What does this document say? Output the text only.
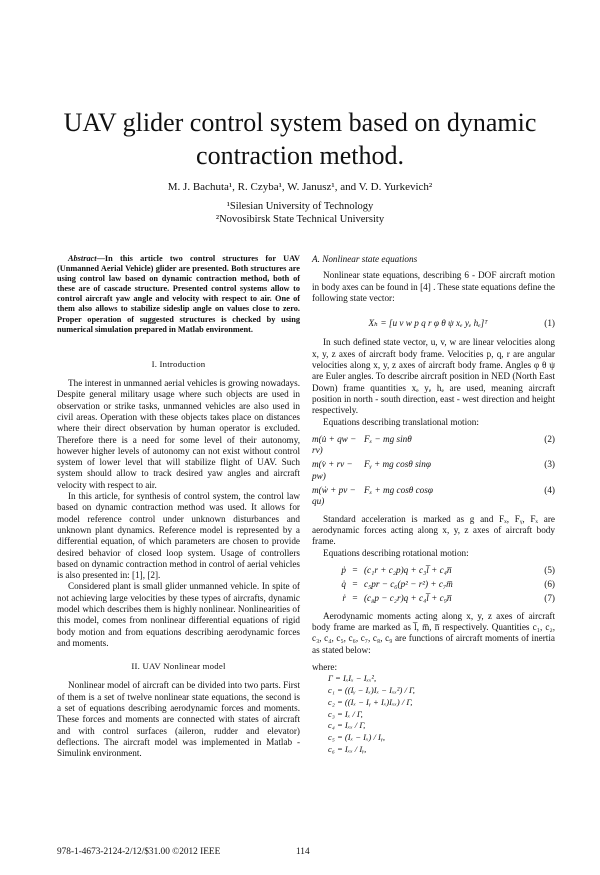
UAV glider control system based on dynamic contraction method.
M. J. Bachuta¹, R. Czyba¹, W. Janusz¹, and V. D. Yurkevich²
¹Silesian University of Technology
²Novosibirsk State Technical University

Abstract—In this article two control structures for UAV (Unmanned Aerial Vehicle) glider are presented. Both structures are using control law based on dynamic contraction method, both of these are of cascade structure. Presented control systems allow to control aircraft yaw angle and velocity with respect to air. One of them also allows to stabilize sideslip angle on values close to zero. Proper operation of suggested structures is checked by using numerical simulation prepared in Matlab environment.

I. Introduction

The interest in unmanned aerial vehicles is growing nowadays. Despite general military usage where such objects are used in observation or strike tasks, unmanned vehicles are also used in civil areas. Operation with these objects takes place on distances where their direct observation by human operator is excluded. Therefore there is a need for some level of their autonomy, however higher levels of autonomy can not exist without control system of lower level that will stabilize flight of UAV. Such system should allow to track desired yaw angles and aircraft velocity with respect to air.

In this article, for synthesis of control system, the control law based on dynamic contraction method was used. It allows for model reference control under unknown disturbances and unknown plant dynamics. Reference model is represented by a differential equation, of which parameters are chosen to provide desired behavior of closed loop system. Usage of controllers based on dynamic contraction method in control of aerial vehicles is also presented in: [1], [2].

Considered plant is small glider unmanned vehicle. In spite of not achieving large velocities by these types of aircrafts, dynamic model which describes them is highly nonlinear. Nonlinearities of this model, comes from nonlinear differential equations of rigid body motion and from equations describing aerodynamic forces and moments.

II. UAV Nonlinear model

Nonlinear model of aircraft can be divided into two parts. First of them is a set of twelve nonlinear state equations, the second is a set of equations describing aerodynamic forces and moments. These forces and moments are connected with states of aircraft and with control surfaces (aileron, rudder and elevator) deflections. The aircraft model was implemented in Matlab - Simulink environment.

A. Nonlinear state equations

Nonlinear state equations, describing 6 - DOF aircraft motion in body axes can be found in [4] . These state equations define the following state vector:

Xₕ = [u v w p q r φ θ ψ xₑ yₑ hₑ]ᵀ	(1)

In such defined state vector, u, v, w are linear velocities along x, y, z axes of aircraft body frame. Velocities p, q, r are angular velocities along x, y, z axes of aircraft body frame. Angles φ θ ψ are Euler angles. To describe aircraft position in NED (North East Down) frame quantities xₑ yₑ hₑ are used, meaning aircraft position in north - south direction, east - west direction and height respectively.

Equations describing translational motion:

m(u̇ + qw − rv)
Fₓ − mg sinθ	(2)
m(v̇ + rv − pw)
Fᵧ + mg cosθ sinφ	(3)
m(ẇ + pv − qu)
Fₓ + mg cosθ cosφ	(4)

Standard acceleration is marked as g and Fₓ, Fᵧ, Fₓ are aerodynamic forces acting along x, y, z axes of aircraft body frame.

Equations describing rotational motion:

ṗ = (c₁r + c₂p)q + c₃l̅ + c₄n̅	(5)
q̇ = c₅pr − c₆(p² − r²) + c₇m̅	(6)
ṙ = (c₈p − c₂r)q + c₄l̅ + c₉n̅	(7)

Aerodynamic moments acting along x, y, z axes of aircraft body frame are marked as l̅, m̅, n̅ respectively. Quantities c₁, c₂, c₃, c₄, c₅, c₆, c₇, c₈, c₉ are functions of aircraft moments of inertia as stated below:

where:

Γ = IₓIₓ − Iₓₓ²,
c₁ = ((Iᵧ − Iₓ)Iₓ − Iₓₓ²) / Γ,
c₂ = ((Iₓ − Iᵧ + Iₓ)Iₓₓ) / Γ,
c₃ = Iₓ / Γ,
c₄ = Iₓₓ / Γ,
c₅ = (Iₓ − Iₓ) / Iᵧ,
c₆ = Iₓₓ / Iᵧ,
978-1-4673-2124-2/12/$31.00 ©2012 IEEE	114
